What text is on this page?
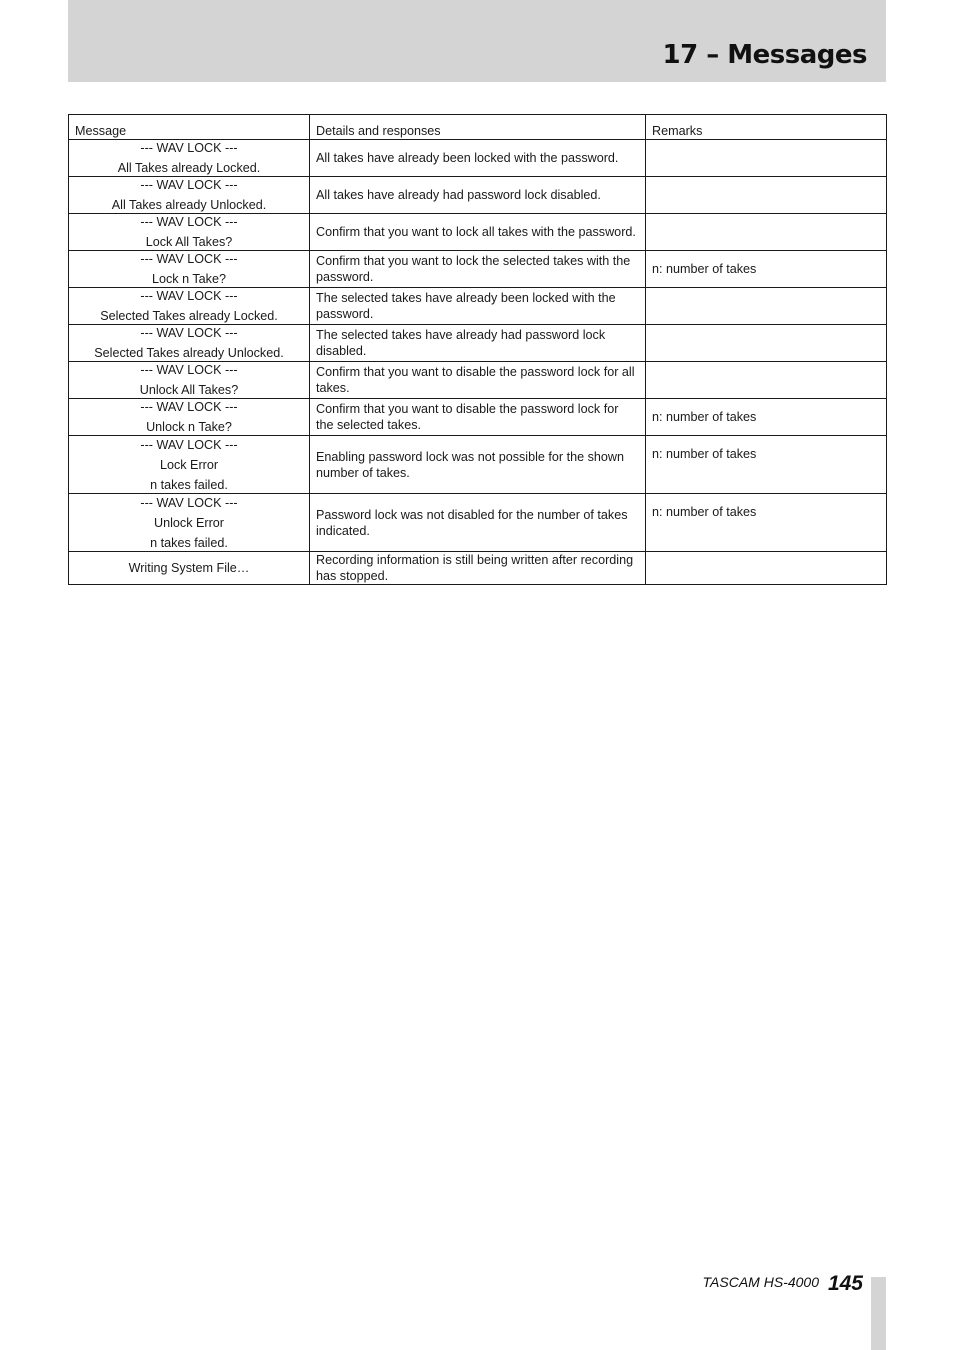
17 – Messages
Message	Details and responses	Remarks

--- WAV LOCK ---
All Takes already Locked.	All takes have already been locked with the password.	

--- WAV LOCK ---
All Takes already Unlocked.	All takes have already had password lock disabled.	

--- WAV LOCK ---
Lock All Takes?	Confirm that you want to lock all takes with the password.	

--- WAV LOCK ---
Lock n Take?	Confirm that you want to lock the selected takes with the password.	n: number of takes

--- WAV LOCK ---
Selected Takes already Locked.	The selected takes have already been locked with the password.	

--- WAV LOCK ---
Selected Takes already Unlocked.	The selected takes have already had password lock disabled.	

--- WAV LOCK ---
Unlock All Takes?	Confirm that you want to disable the password lock for all takes.	

--- WAV LOCK ---
Unlock n Take?	Confirm that you want to disable the password lock for the selected takes.	n: number of takes

--- WAV LOCK ---
Lock Error
n takes failed.	Enabling password lock was not possible for the shown number of takes.	n: number of takes

--- WAV LOCK ---
Unlock Error
n takes failed.	Password lock was not disabled for the number of takes indicated.	n: number of takes

Writing System File…	Recording information is still being written after recording has stopped.	
TASCAM HS-4000 145
